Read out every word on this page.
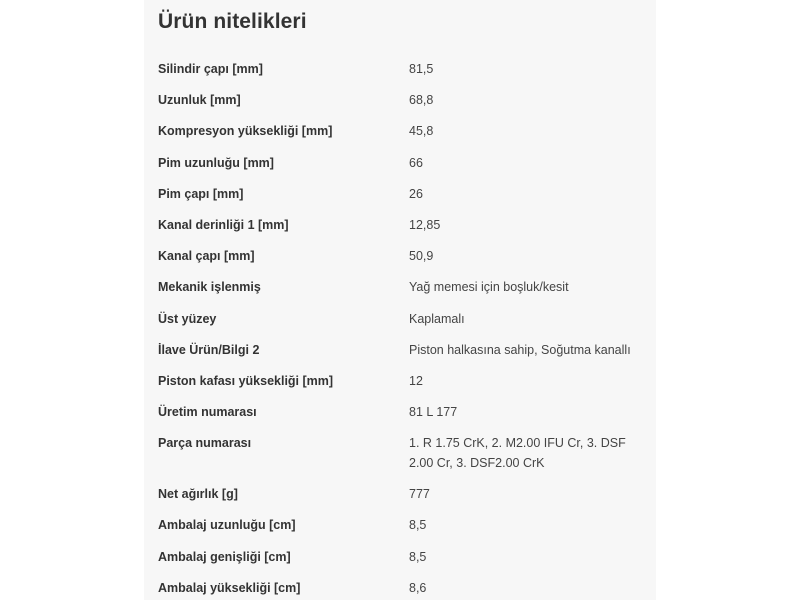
Ürün nitelikleri
Silindir çapı [mm]	81,5
Uzunluk [mm]	68,8
Kompresyon yüksekliği [mm]	45,8
Pim uzunluğu [mm]	66
Pim çapı [mm]	26
Kanal derinliği 1 [mm]	12,85
Kanal çapı [mm]	50,9
Mekanik işlenmiş	Yağ memesi için boşluk/kesit
Üst yüzey	Kaplamalı
İlave Ürün/Bilgi 2	Piston halkasına sahip, Soğutma kanallı
Piston kafası yüksekliği [mm]	12
Üretim numarası	81 L 177
Parça numarası	1. R 1.75 CrK, 2. M2.00 IFU Cr, 3. DSF 2.00 Cr, 3. DSF2.00 CrK
Net ağırlık [g]	777
Ambalaj uzunluğu [cm]	8,5
Ambalaj genişliği [cm]	8,5
Ambalaj yüksekliği [cm]	8,6
